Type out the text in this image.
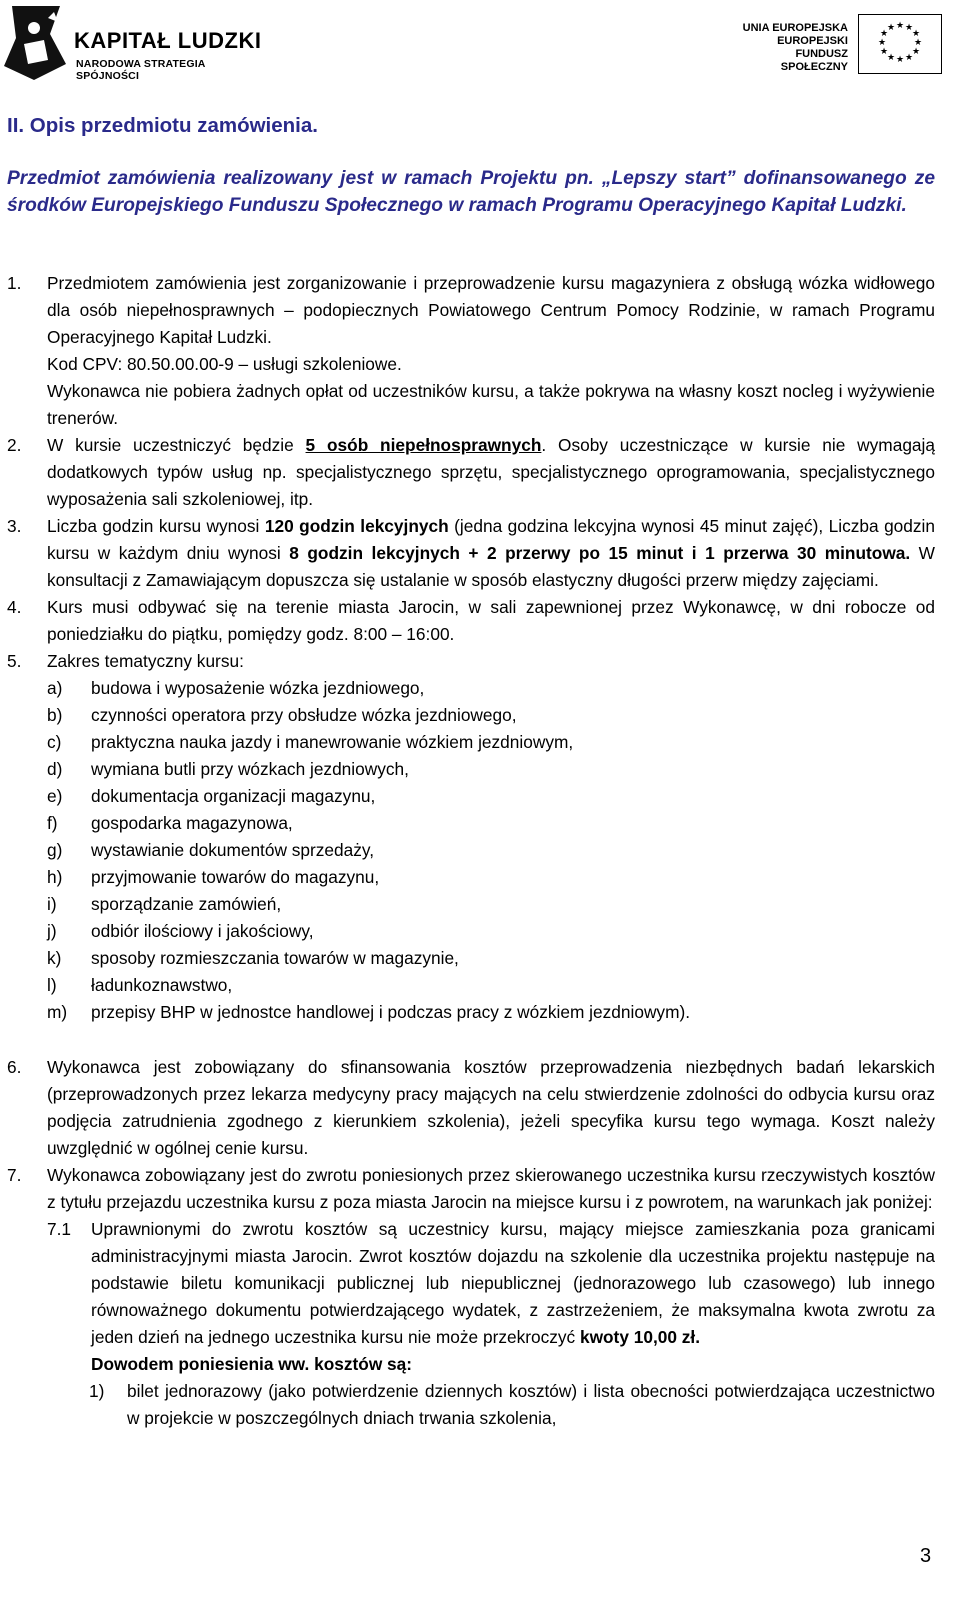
KAPITAŁ LUDZKI
NARODOWA STRATEGIA SPÓJNOŚCI
UNIA EUROPEJSKA
EUROPEJSKI
FUNDUSZ SPOŁECZNY
★ ★
★
★
★
★
★
★
★
★
★
★
II. Opis przedmiotu zamówienia.
Przedmiot zamówienia realizowany jest w ramach Projektu pn. „Lepszy start” dofinansowanego ze środków Europejskiego Funduszu Społecznego w ramach Programu Operacyjnego Kapitał Ludzki.
1. Przedmiotem zamówienia jest zorganizowanie i przeprowadzenie kursu magazyniera z obsługą wózka widłowego dla osób niepełnosprawnych – podopiecznych Powiatowego Centrum Pomocy Rodzinie, w ramach Programu Operacyjnego Kapitał Ludzki.
Kod CPV: 80.50.00.00-9 – usługi szkoleniowe.
Wykonawca nie pobiera żadnych opłat od uczestników kursu, a także pokrywa na własny koszt nocleg i wyżywienie trenerów.
2. W kursie uczestniczyć będzie 5 osób niepełnosprawnych. Osoby uczestniczące w kursie nie wymagają dodatkowych typów usług np. specjalistycznego sprzętu, specjalistycznego oprogramowania, specjalistycznego wyposażenia sali szkoleniowej, itp.
3. Liczba godzin kursu wynosi 120 godzin lekcyjnych (jedna godzina lekcyjna wynosi 45 minut zajęć), Liczba godzin kursu w każdym dniu wynosi 8 godzin lekcyjnych + 2 przerwy po 15 minut i 1 przerwa 30 minutowa. W konsultacji z Zamawiającym dopuszcza się ustalanie w sposób elastyczny długości przerw między zajęciami.
4. Kurs musi odbywać się na terenie miasta Jarocin, w sali zapewnionej przez Wykonawcę, w dni robocze od poniedziałku do piątku, pomiędzy godz. 8:00 – 16:00.
5. Zakres tematyczny kursu:
a) budowa i wyposażenie wózka jezdniowego,
b) czynności operatora przy obsłudze wózka jezdniowego,
c) praktyczna nauka jazdy i manewrowanie wózkiem jezdniowym,
d) wymiana butli przy wózkach jezdniowych,
e) dokumentacja organizacji magazynu,
f) gospodarka magazynowa,
g) wystawianie dokumentów sprzedaży,
h) przyjmowanie towarów do magazynu,
i) sporządzanie zamówień,
j) odbiór ilościowy i jakościowy,
k) sposoby rozmieszczania towarów w magazynie,
l) ładunkoznawstwo,
m) przepisy BHP w jednostce handlowej i podczas pracy z wózkiem jezdniowym).
6. Wykonawca jest zobowiązany do sfinansowania kosztów przeprowadzenia niezbędnych badań lekarskich (przeprowadzonych przez lekarza medycyny pracy mających na celu stwierdzenie zdolności do odbycia kursu oraz podjęcia zatrudnienia zgodnego z kierunkiem szkolenia), jeżeli specyfika kursu tego wymaga. Koszt należy uwzględnić w ogólnej cenie kursu.
7. Wykonawca zobowiązany jest do zwrotu poniesionych przez skierowanego uczestnika kursu rzeczywistych kosztów z tytułu przejazdu uczestnika kursu z poza miasta Jarocin na miejsce kursu i z powrotem, na warunkach jak poniżej:
7.1 Uprawnionymi do zwrotu kosztów są uczestnicy kursu, mający miejsce zamieszkania poza granicami administracyjnymi miasta Jarocin. Zwrot kosztów dojazdu na szkolenie dla uczestnika projektu następuje na podstawie biletu komunikacji publicznej lub niepublicznej (jednorazowego lub czasowego) lub innego równoważnego dokumentu potwierdzającego wydatek, z zastrzeżeniem, że maksymalna kwota zwrotu za jeden dzień na jednego uczestnika kursu nie może przekroczyć kwoty 10,00 zł.
Dowodem poniesienia ww. kosztów są:
1) bilet jednorazowy (jako potwierdzenie dziennych kosztów) i lista obecności potwierdzająca uczestnictwo w projekcie w poszczególnych dniach trwania szkolenia,
3
